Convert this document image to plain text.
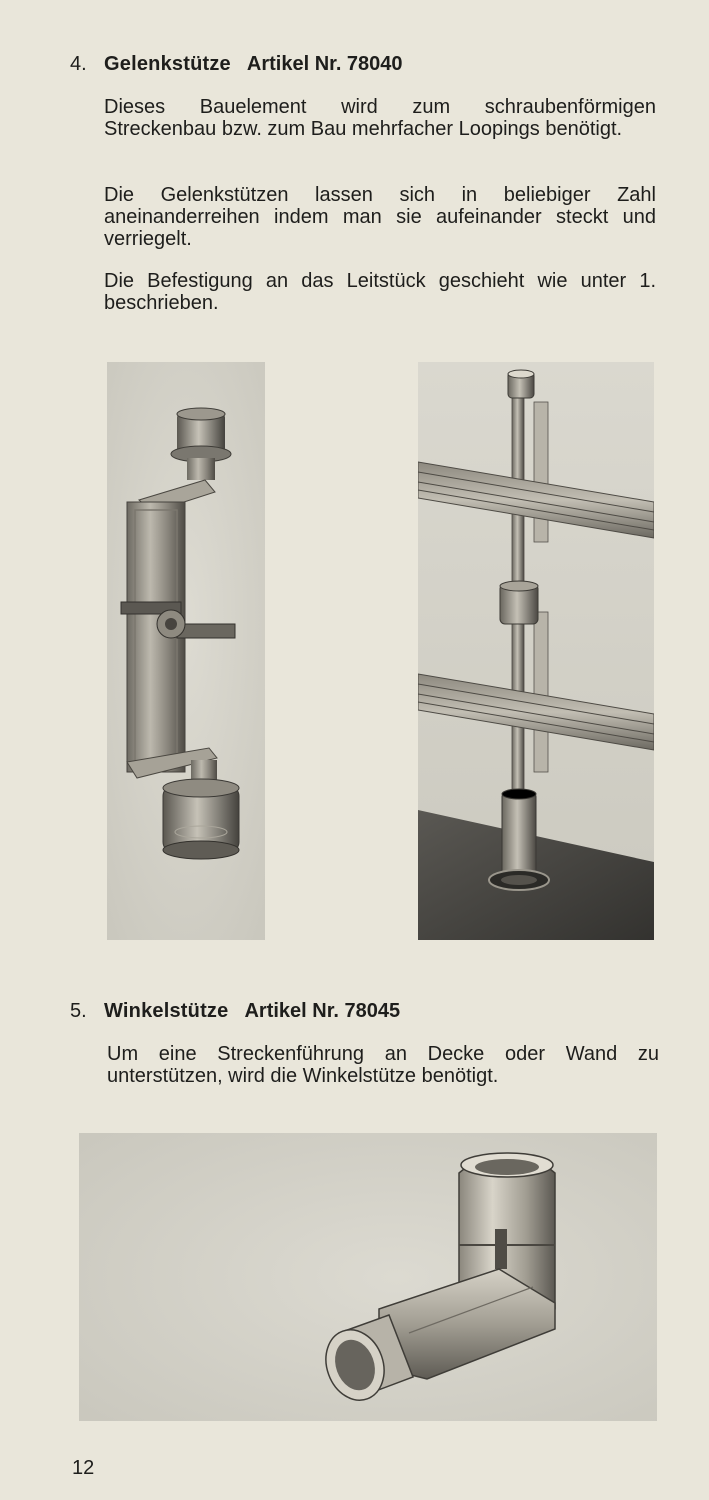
4. Gelenkstütze Artikel Nr. 78040

Dieses Bauelement wird zum schraubenförmigen Streckenbau bzw. zum Bau mehrfacher Loopings benötigt.

Die Gelenkstützen lassen sich in beliebiger Zahl aneinanderreihen indem man sie aufeinander steckt und verriegelt.

Die Befestigung an das Leitstück geschieht wie unter 1. beschrieben.

5. Winkelstütze Artikel Nr. 78045

Um eine Streckenführung an Decke oder Wand zu unterstützen, wird die Winkelstütze benötigt.

12
